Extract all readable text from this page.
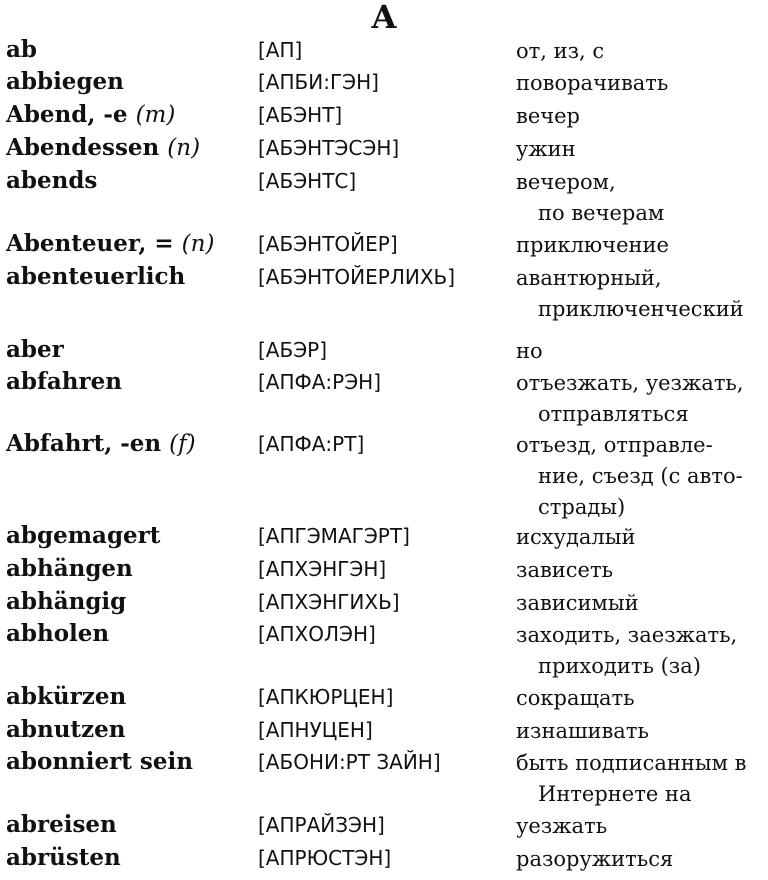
А
ab	[АП]	от, из, с
abbiegen	[АПБИ:ГЭН]	поворачивать
Abend, -e (m)	[АБЭНТ]	вечер
Abendessen (n)	[АБЭНТЭСЭН]	ужин
abends	[АБЭНТС]	вечером,
по вечерам
Abenteuer, = (n) [АБЭНТОЙЕР]	приключение
abenteuerlich	[АБЭНТОЙЕРЛИХЬ]	авантюрный,
приключенческий
aber	[АБЭР]	но
abfahren	[АПФА:РЭН]	отъезжать, уезжать,
отправляться
Abfahrt, -en (f)	[АПФА:РТ]	отъезд, отправле-
ние, съезд (с авто-
страды)
abgemagert	[АПГЭМАГЭРТ]	исхудалый
abhängen	[АПХЭНГЭН]	зависеть
abhängig	[АПХЭНГИХЬ]	зависимый
abholen	[АПХОЛЭН]	заходить, заезжать,
приходить (за)
abkürzen	[АПКЮРЦЕН]	сокращать
abnutzen	[АПНУЦЕН]	изнашивать
abonniert sein	[АБОНИ:РТ ЗАЙН]	быть подписанным в
Интернете на
abreisen	[АПРАЙЗЭН]	уезжать
abrüsten	[АПРЮСТЭН]	разоружиться
